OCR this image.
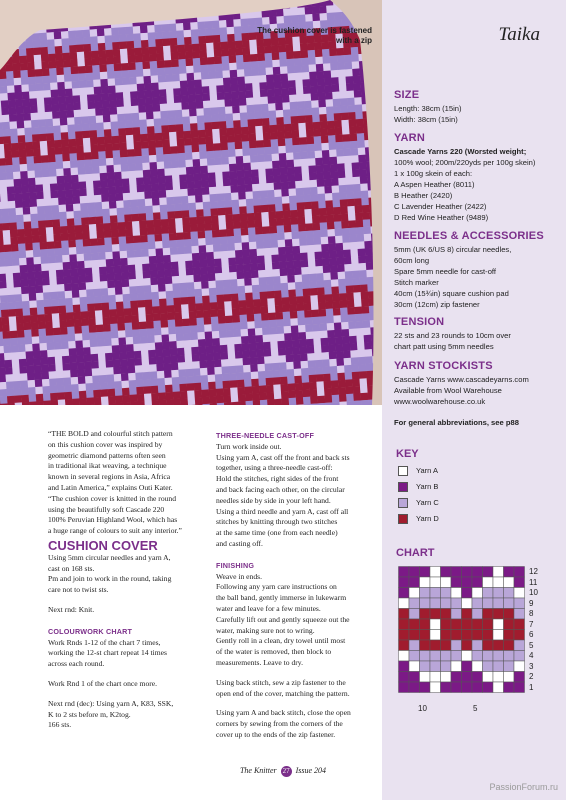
The cushion cover is fastened with a zip	Taika
SIZE

Length: 38cm (15in)

Width: 38cm (15in)

YARN

Cascade Yarns 220 (Worsted weight;

100% wool; 200m/220yds per 100g skein)

1 x 100g skein of each:

A Aspen Heather (8011)

B Heather (2420)

C Lavender Heather (2422)

D Red Wine Heather (9489)

NEEDLES & ACCESSORIES

5mm (UK 6/US 8) circular needles,

60cm long

Spare 5mm needle for cast-off

Stitch marker

40cm (15¾in) square cushion pad

30cm (12cm) zip fastener

TENSION

22 sts and 23 rounds to 10cm over

chart patt using 5mm needles

YARN STOCKISTS

Cascade Yarns www.cascadeyarns.com

Available from Wool Warehouse

www.woolwarehouse.co.uk

For general abbreviations, see p88
KEY
Yarn A
Yarn B
Yarn C
Yarn D
CHART
12
11
10
9
8
7
6
5
4
3
2
1
10	5

“THE BOLD and colourful stitch pattern

on this cushion cover was inspired by

geometric diamond patterns often seen

in traditional ikat weaving, a technique

known in several regions in Asia, Africa

and Latin America,” explains Outi Kater.

“The cushion cover is knitted in the round

using the beautifully soft Cascade 220

100% Peruvian Highland Wool, which has

a huge range of colours to suit any interior.”

CUSHION COVER

Using 5mm circular needles and yarn A,

cast on 168 sts.

Pm and join to work in the round, taking

care not to twist sts.

Next rnd: Knit.

COLOURWORK CHART

Work Rnds 1-12 of the chart 7 times,

working the 12-st chart repeat 14 times

across each round.

Work Rnd 1 of the chart once more.

Next rnd (dec): Using yarn A, K83, SSK,

K to 2 sts before m, K2tog.

166 sts.

THREE-NEEDLE CAST-OFF

Turn work inside out.

Using yarn A, cast off the front and back sts

together, using a three-needle cast-off:

Hold the stitches, right sides of the front

and back facing each other, on the circular

needles side by side in your left hand.

Using a third needle and yarn A, cast off all

stitches by knitting through two stitches

at the same time (one from each needle)

and casting off.

FINISHING

Weave in ends.

Following any yarn care instructions on

the ball band, gently immerse in lukewarm

water and leave for a few minutes.

Carefully lift out and gently squeeze out the

water, making sure not to wring.

Gently roll in a clean, dry towel until most

of the water is removed, then block to

measurements. Leave to dry.

Using back stitch, sew a zip fastener to the

open end of the cover, matching the pattern.

Using yarn A and back stitch, close the open

corners by sewing from the corners of the

cover up to the ends of the zip fastener.

The Knitter 27 Issue 204
PassionForum.ru
